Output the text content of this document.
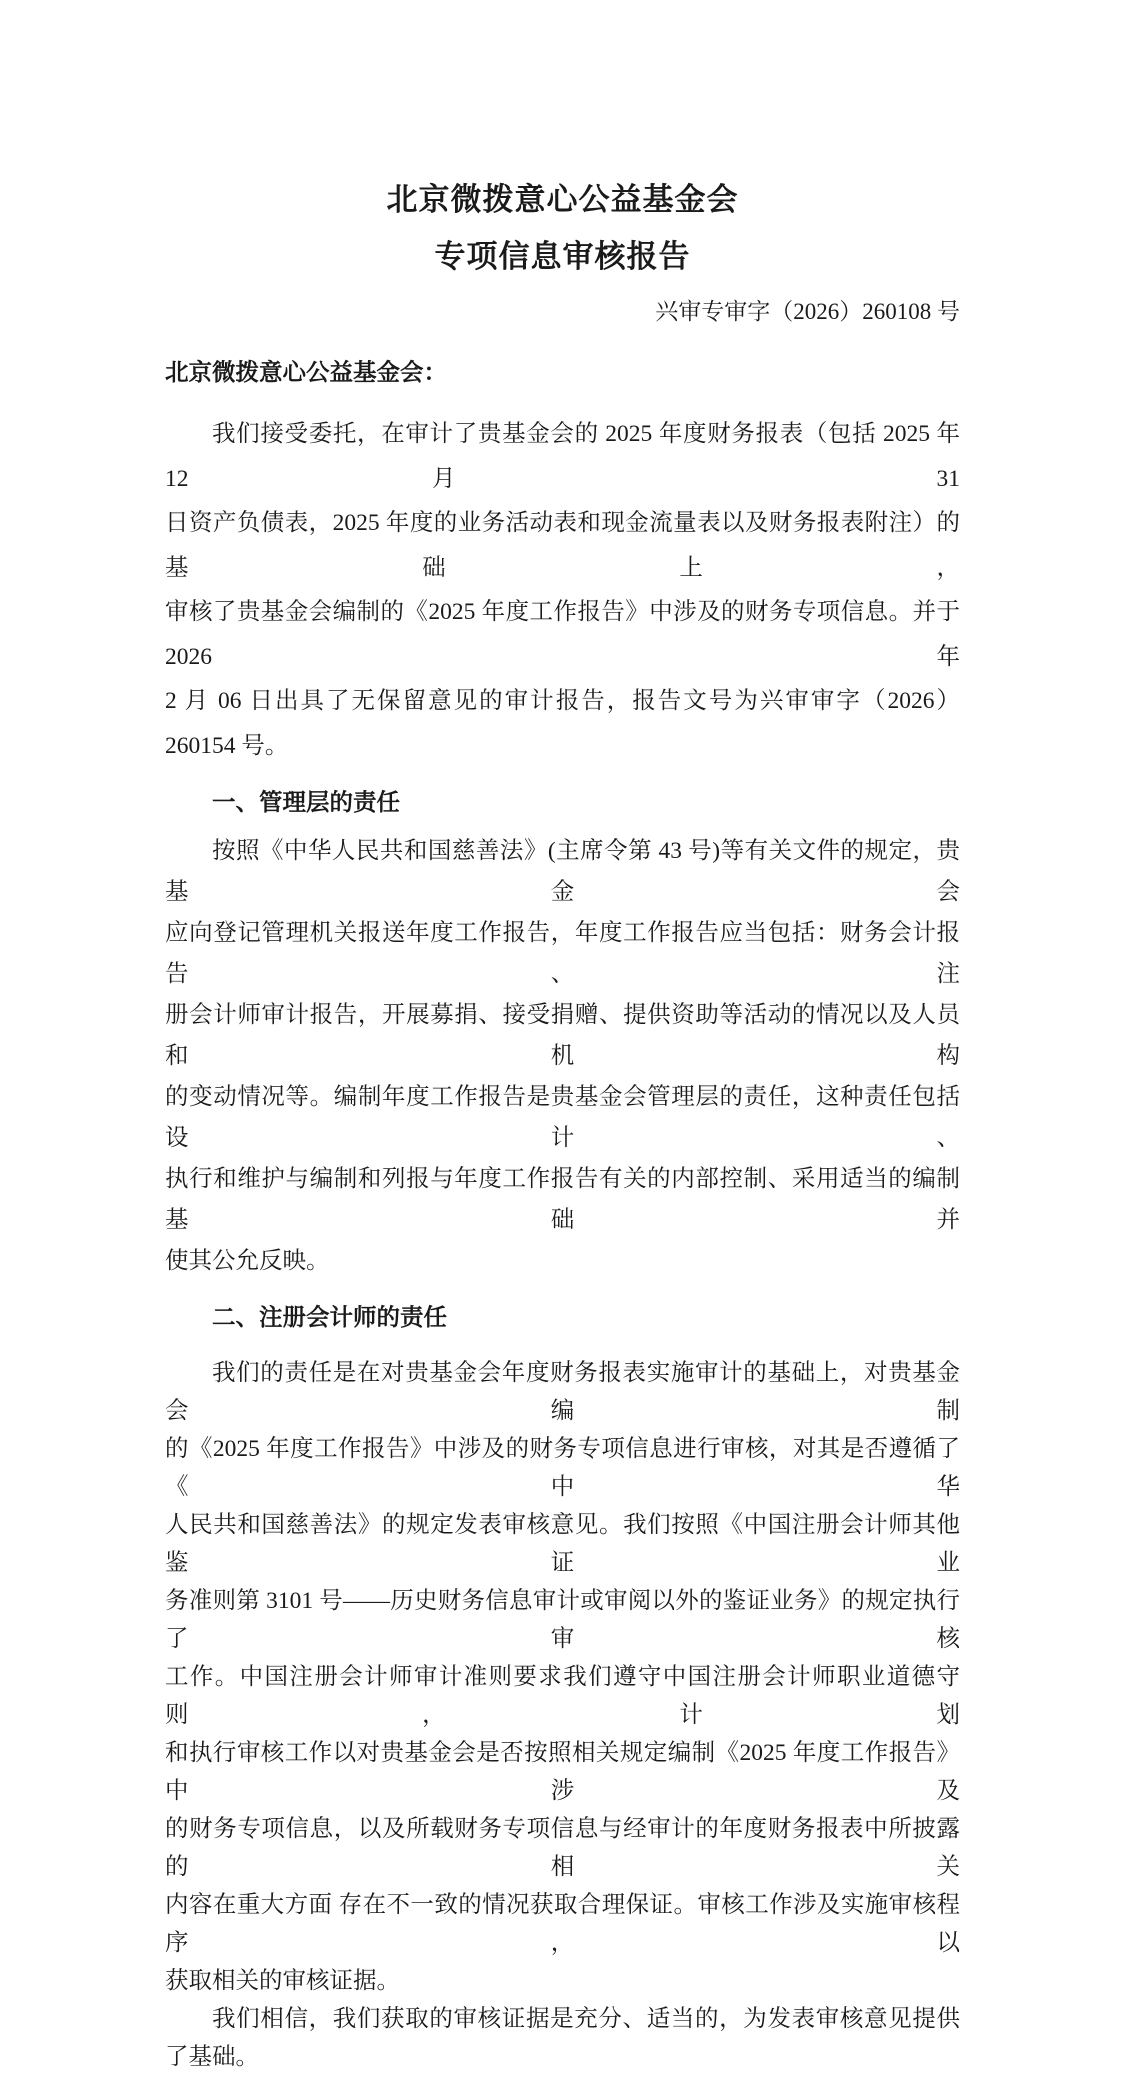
北京微拨意心公益基金会
专项信息审核报告
兴审专审字（2026）260108 号
北京微拨意心公益基金会：
我们接受委托，在审计了贵基金会的 2025 年度财务报表（包括 2025 年 12 月 31
日资产负债表，2025 年度的业务活动表和现金流量表以及财务报表附注）的基础上，
审核了贵基金会编制的《2025 年度工作报告》中涉及的财务专项信息。并于 2026 年
2 月 06 日出具了无保留意见的审计报告，报告文号为兴审审字（2026）260154 号。
一、管理层的责任
按照《中华人民共和国慈善法》(主席令第 43 号)等有关文件的规定，贵基金会
应向登记管理机关报送年度工作报告，年度工作报告应当包括：财务会计报告、注
册会计师审计报告，开展募捐、接受捐赠、提供资助等活动的情况以及人员和机构
的变动情况等。编制年度工作报告是贵基金会管理层的责任，这种责任包括设计、
执行和维护与编制和列报与年度工作报告有关的内部控制、采用适当的编制基础并
使其公允反映。
二、注册会计师的责任
我们的责任是在对贵基金会年度财务报表实施审计的基础上，对贵基金会编制
的《2025 年度工作报告》中涉及的财务专项信息进行审核，对其是否遵循了《中华
人民共和国慈善法》的规定发表审核意见。我们按照《中国注册会计师其他鉴证业
务准则第 3101 号——历史财务信息审计或审阅以外的鉴证业务》的规定执行了审核
工作。中国注册会计师审计准则要求我们遵守中国注册会计师职业道德守则，计划
和执行审核工作以对贵基金会是否按照相关规定编制《2025 年度工作报告》中涉及
的财务专项信息，以及所载财务专项信息与经审计的年度财务报表中所披露的相关
内容在重大方面 存在不一致的情况获取合理保证。审核工作涉及实施审核程序，以
获取相关的审核证据。
我们相信，我们获取的审核证据是充分、适当的，为发表审核意见提供了基础。
